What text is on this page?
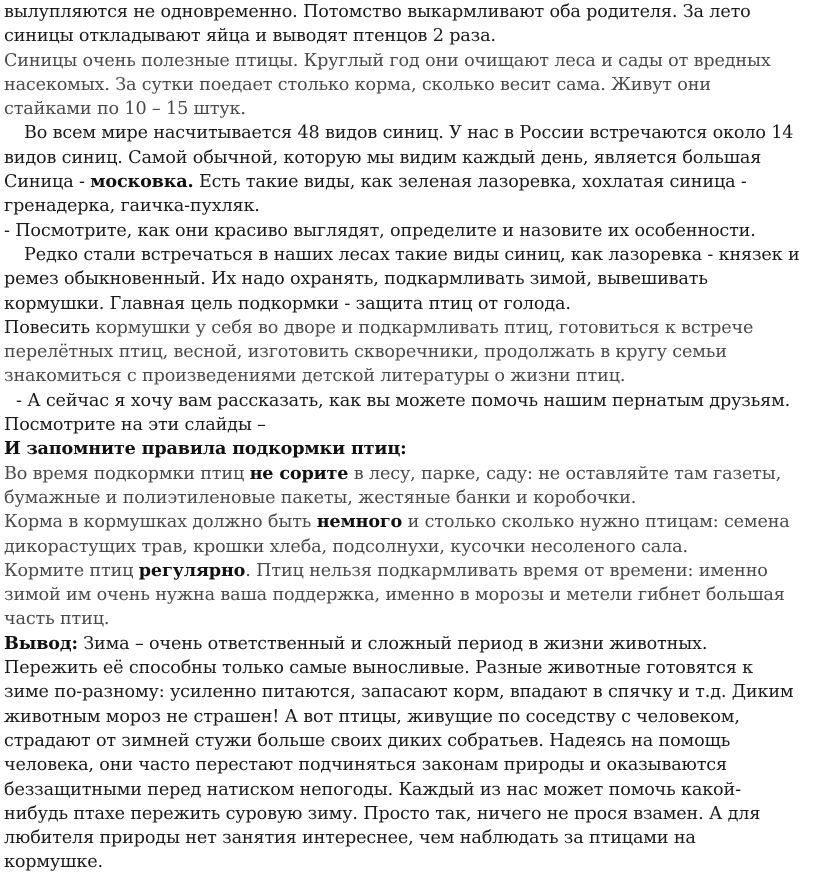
вылупляются не одновременно. Потомство выкармливают оба родителя. За лето
синицы откладывают яйца и выводят птенцов 2 раза.
Синицы очень полезные птицы. Круглый год они очищают леса и сады от вредных
насекомых. За сутки поедает столько корма, сколько весит сама. Живут они
стайками по 10 – 15 штук.
Во всем мире насчитывается 48 видов синиц. У нас в России встречаются около 14
видов синиц. Самой обычной, которую мы видим каждый день, является большая
Синица - московка. Есть такие виды, как зеленая лазоревка, хохлатая синица -
гренадерка, гаичка-пухляк.
- Посмотрите, как они красиво выглядят, определите и назовите их особенности.
Редко стали встречаться в наших лесах такие виды синиц, как лазоревка - князек и
ремез обыкновенный. Их надо охранять, подкармливать зимой, вывешивать
кормушки. Главная цель подкормки - защита птиц от голода.
Повесить кормушки у себя во дворе и подкармливать птиц, готовиться к встрече
перелётных птиц, весной, изготовить скворечники, продолжать в кругу семьи
знакомиться с произведениями детской литературы о жизни птиц.
- А сейчас я хочу вам рассказать, как вы можете помочь нашим пернатым друзьям.
Посмотрите на эти слайды –
И запомните правила подкормки птиц:
Во время подкормки птиц не сорите в лесу, парке, саду: не оставляйте там газеты,
бумажные и полиэтиленовые пакеты, жестяные банки и коробочки.
Корма в кормушках должно быть немного и столько сколько нужно птицам: семена
дикорастущих трав, крошки хлеба, подсолнухи, кусочки несоленого сала.
Кормите птиц регулярно. Птиц нельзя подкармливать время от времени: именно
зимой им очень нужна ваша поддержка, именно в морозы и метели гибнет большая
часть птиц.
Вывод: Зима – очень ответственный и сложный период в жизни животных.
Пережить её способны только самые выносливые. Разные животные готовятся к
зиме по-разному: усиленно питаются, запасают корм, впадают в спячку и т.д. Диким
животным мороз не страшен! А вот птицы, живущие по соседству с человеком,
страдают от зимней стужи больше своих диких собратьев. Надеясь на помощь
человека, они часто перестают подчиняться законам природы и оказываются
беззащитными перед натиском непогоды. Каждый из нас может помочь какой-
нибудь птахе пережить суровую зиму. Просто так, ничего не прося взамен. А для
любителя природы нет занятия интереснее, чем наблюдать за птицами на
кормушке.
